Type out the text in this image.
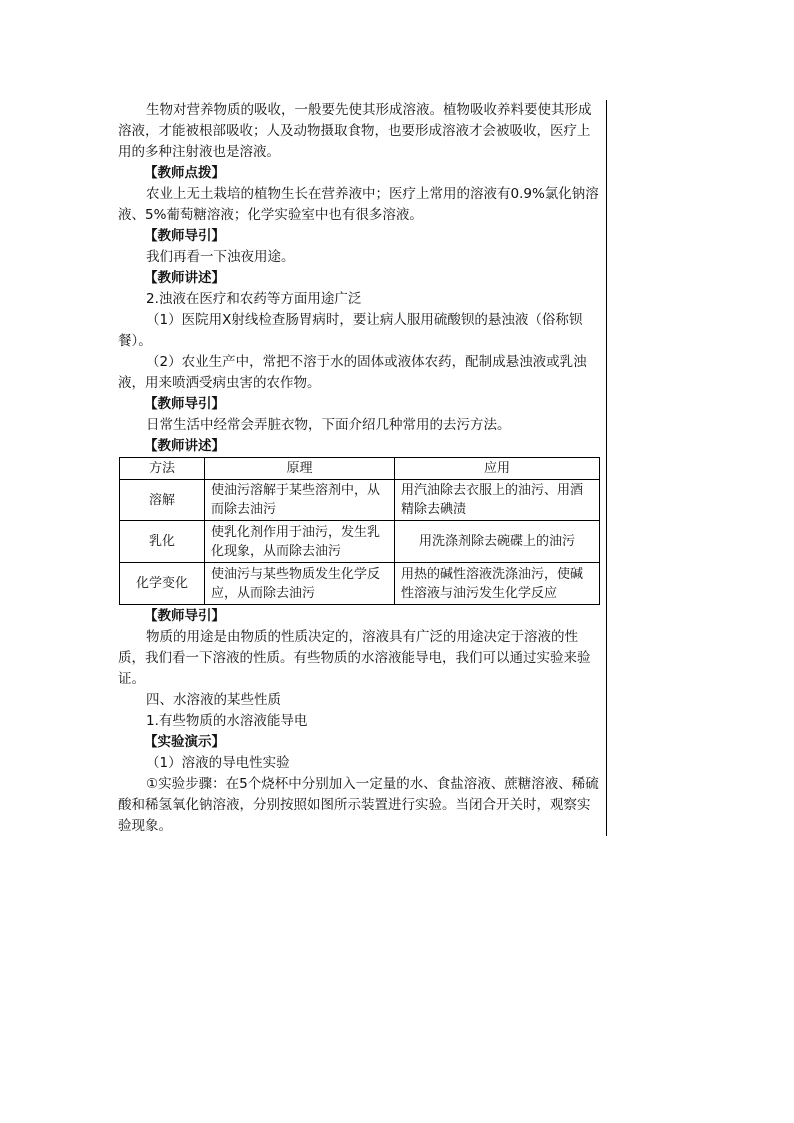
生物对营养物质的吸收，一般要先使其形成溶液。植物吸收养料要使其形成溶液，才能被根部吸收；人及动物摄取食物，也要形成溶液才会被吸收，医疗上用的多种注射液也是溶液。
【教师点拨】
农业上无土栽培的植物生长在营养液中；医疗上常用的溶液有0.9%氯化钠溶液、5%葡萄糖溶液；化学实验室中也有很多溶液。
【教师导引】
我们再看一下浊夜用途。
【教师讲述】
2.浊液在医疗和农药等方面用途广泛
（1）医院用X射线检查肠胃病时，要让病人服用硫酸钡的悬浊液（俗称钡餐）。
（2）农业生产中，常把不溶于水的固体或液体农药，配制成悬浊液或乳浊液，用来喷洒受病虫害的农作物。
【教师导引】
日常生活中经常会弄脏衣物，下面介绍几种常用的去污方法。
【教师讲述】
方法	原理	应用
溶解	使油污溶解于某些溶剂中，从而除去油污	用汽油除去衣服上的油污、用酒精除去碘渍
乳化	使乳化剂作用于油污，发生乳化现象，从而除去油污	用洗涤剂除去碗碟上的油污
化学变化	使油污与某些物质发生化学反应，从而除去油污	用热的碱性溶液洗涤油污，使碱性溶液与油污发生化学反应
【教师导引】
物质的用途是由物质的性质决定的，溶液具有广泛的用途决定于溶液的性质，我们看一下溶液的性质。有些物质的水溶液能导电，我们可以通过实验来验证。
四、水溶液的某些性质
1.有些物质的水溶液能导电
【实验演示】
（1）溶液的导电性实验
①实验步骤：在5个烧杯中分别加入一定量的水、食盐溶液、蔗糖溶液、稀硫酸和稀氢氧化钠溶液，分别按照如图所示装置进行实验。当闭合开关时，观察实验现象。
